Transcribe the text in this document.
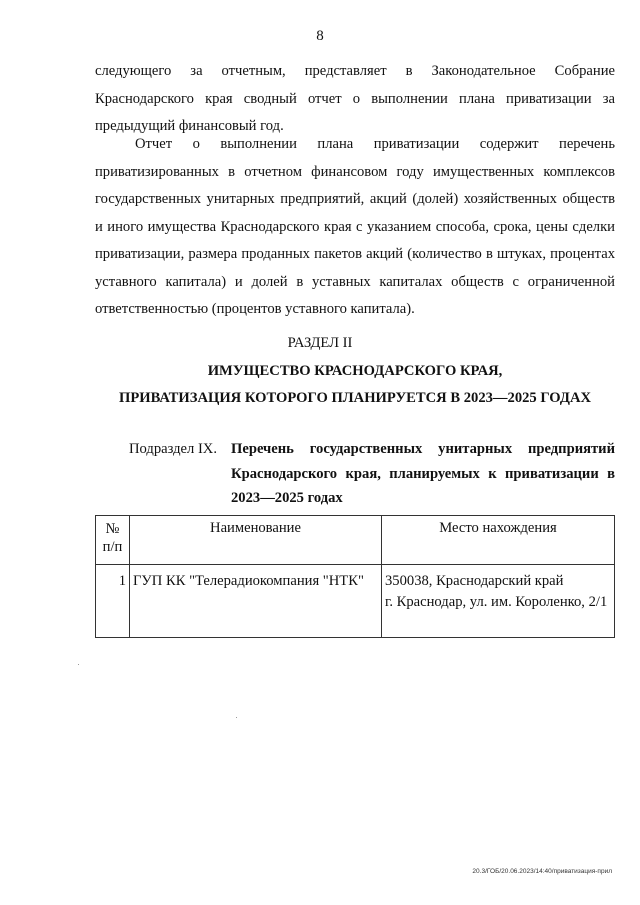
8

следующего за отчетным, представляет в Законодательное Собрание Краснодарского края сводный отчет о выполнении плана приватизации за предыдущий финансовый год.

Отчет о выполнении плана приватизации содержит перечень приватизированных в отчетном финансовом году имущественных комплексов государственных унитарных предприятий, акций (долей) хозяйственных обществ и иного имущества Краснодарского края с указанием способа, срока, цены сделки приватизации, размера проданных пакетов акций (количество в штуках, процентах уставного капитала) и долей в уставных капиталах обществ с ограниченной ответственностью (процентов уставного капитала).

РАЗДЕЛ II
ИМУЩЕСТВО КРАСНОДАРСКОГО КРАЯ,
ПРИВАТИЗАЦИЯ КОТОРОГО ПЛАНИРУЕТСЯ В 2023—2025 ГОДАХ
Подраздел IX. Перечень государственных унитарных предприятий Краснодарского края, планируемых к приватизации в 2023—2025 годах
№
п/п	Наименование	Место нахождения
1	ГУП КК "Телерадиокомпания "НТК"	350038, Краснодарский край
г. Краснодар, ул. им. Короленко, 2/1
20.3/ГОБ/20.06.2023/14:40/приватизация-прил
